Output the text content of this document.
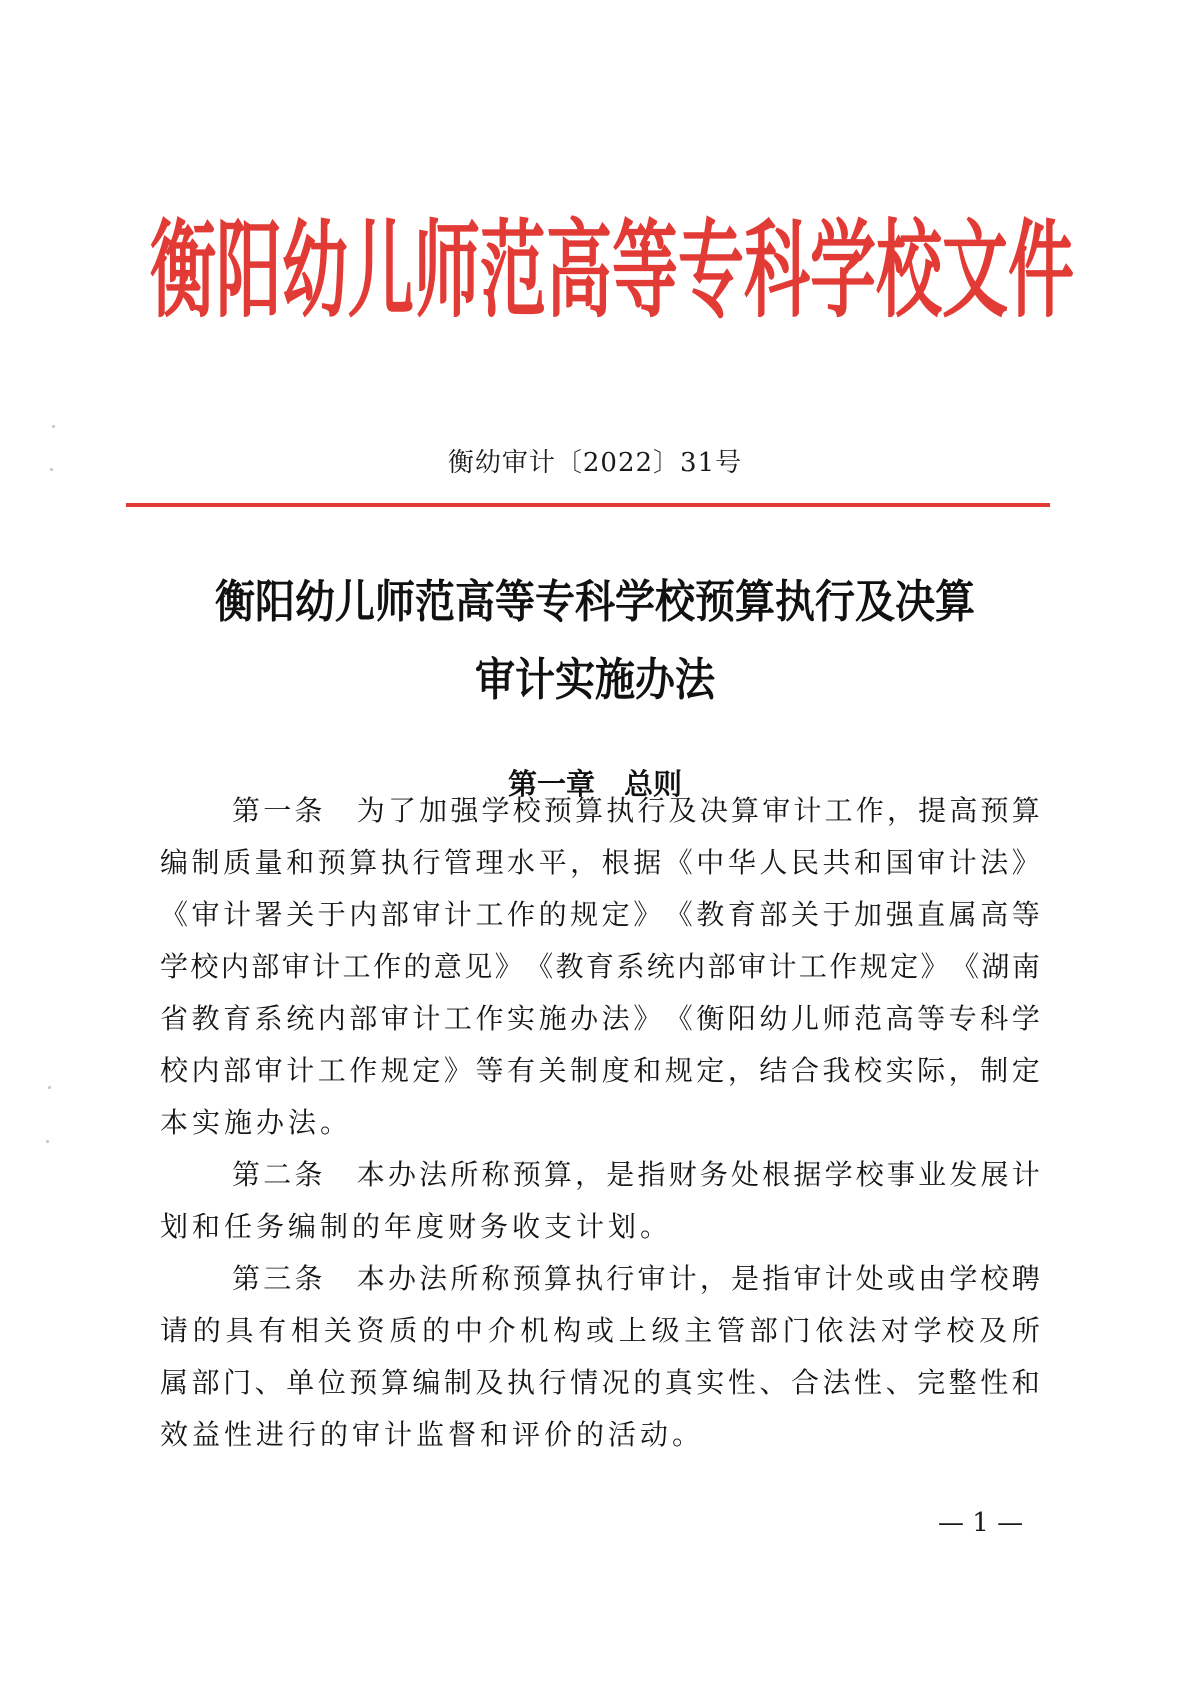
衡 阳 幼 儿 师 范 高 等 专 科 学 校 文 件
衡幼审计〔2022〕31号
衡阳幼儿师范高等专科学校预算执行及决算
审计实施办法
第一章　总则
第 一 条
　 为 了 加 强 学 校 预 算 执 行 及 决 算 审 计 工 作 ， 提 高 预 算
编 制 质 量 和 预 算 执 行 管 理 水 平 ， 根 据 《 中 华 人 民 共 和 国 审 计 法 》
《 审 计 署 关 于 内 部 审 计 工 作 的 规 定 》 《 教 育 部 关 于 加 强 直 属 高 等
学 校 内 部 审 计 工 作 的 意 见 》 《 教 育 系 统 内 部 审 计 工 作 规 定 》 《 湖 南
省 教 育 系 统 内 部 审 计 工 作 实 施 办 法 》 《 衡 阳 幼 儿 师 范 高 等 专 科 学
校 内 部 审 计 工 作 规 定 》 等 有 关 制 度 和 规 定 ， 结 合 我 校 实 际 ， 制 定
本实施办法。
第 二 条
　 本 办 法 所 称 预 算 ， 是 指 财 务 处 根 据 学 校 事 业 发 展 计
划和任务编制的年度财务收支计划。
第 三 条
　 本 办 法 所 称 预 算 执 行 审 计 ， 是 指 审 计 处 或 由 学 校 聘
请 的 具 有 相 关 资 质 的 中 介 机 构 或 上 级 主 管 部 门 依 法 对 学 校 及 所
属 部 门 、 单 位 预 算 编 制 及 执 行 情 况 的 真 实 性 、 合 法 性 、 完 整 性 和
效益性进行的审计监督和评价的活动。
— 1 —
